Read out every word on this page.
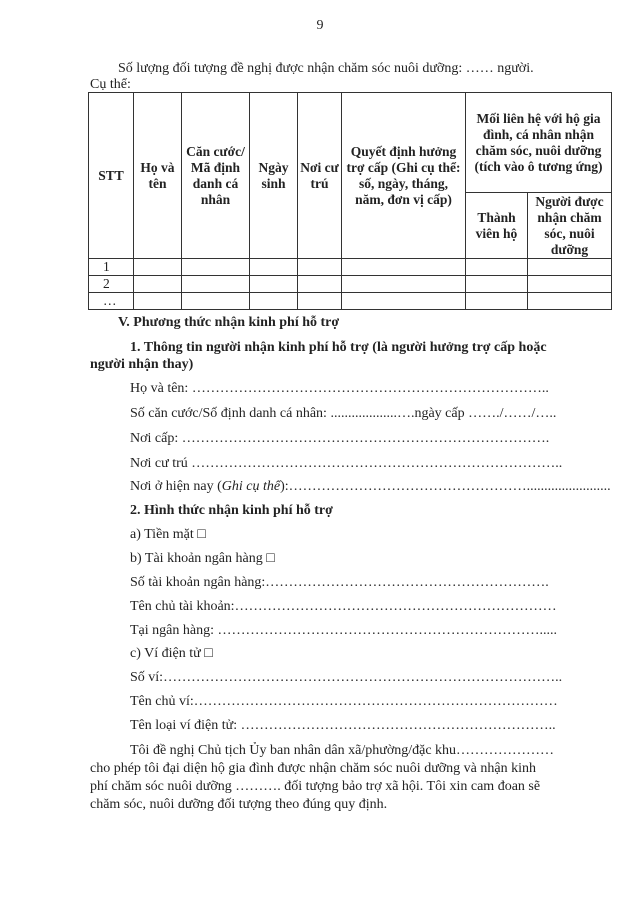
9
Số lượng đối tượng đề nghị được nhận chăm sóc nuôi dưỡng: …… người.
Cụ thể:
STT	Họ và tên	Căn cước/ Mã định danh cá nhân	Ngày sinh	Nơi cư trú	Quyết định hưởng trợ cấp (Ghi cụ thể: số, ngày, tháng, năm, đơn vị cấp)	Mối liên hệ với hộ gia đình, cá nhân nhận chăm sóc, nuôi dưỡng (tích vào ô tương ứng)	
						Thành viên hộ	Người được nhận chăm sóc, nuôi dưỡng
1							
2							
…							
V. Phương thức nhận kinh phí hỗ trợ
1. Thông tin người nhận kinh phí hỗ trợ (là người hưởng trợ cấp hoặc
người nhận thay)
Họ và tên: …………………………………………………………………..
Số căn cước/Số định danh cá nhân: ...................….ngày cấp ……./……/…..
Nơi cấp: …………………………………………………………………….
Nơi cư trú ……………………………………………………………………..
Nơi ở hiện nay (Ghi cụ thể):……………………………………………........................
2. Hình thức nhận kinh phí hỗ trợ
a) Tiền mặt □
b) Tài khoản ngân hàng □
Số tài khoản ngân hàng:…………………………………………………….
Tên chủ tài khoản:……………………………………………………………
Tại ngân hàng: …………………………………………………………….....
c) Ví điện tử □
Số ví:…………………………………………………………………………..
Tên chủ ví:……………………………………………………………………
Tên loại ví điện tử: …………………………………………………………..
Tôi đề nghị Chủ tịch Ủy ban nhân dân xã/phường/đặc khu…………………
cho phép tôi đại diện hộ gia đình được nhận chăm sóc nuôi dưỡng và nhận kinh
phí chăm sóc nuôi dưỡng ………. đối tượng bảo trợ xã hội. Tôi xin cam đoan sẽ
chăm sóc, nuôi dưỡng đối tượng theo đúng quy định.
